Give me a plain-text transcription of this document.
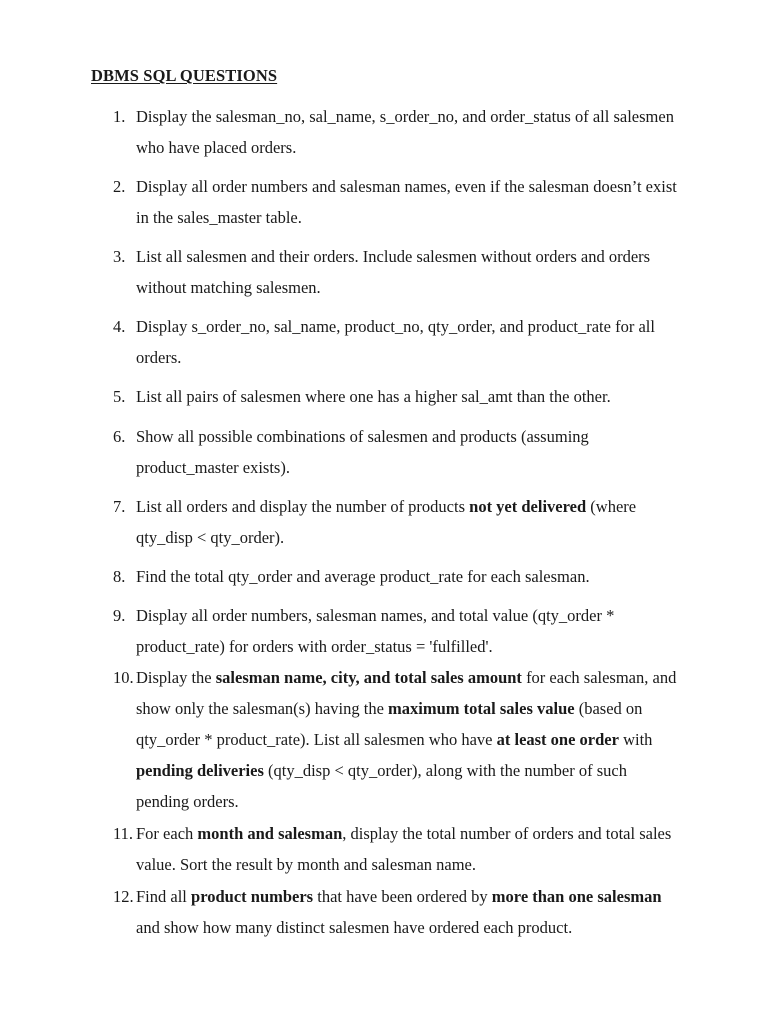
DBMS SQL QUESTIONS
1. Display the salesman_no, sal_name, s_order_no, and order_status of all salesmen who have placed orders.
2. Display all order numbers and salesman names, even if the salesman doesn’t exist in the sales_master table.
3. List all salesmen and their orders. Include salesmen without orders and orders without matching salesmen.
4. Display s_order_no, sal_name, product_no, qty_order, and product_rate for all orders.
5. List all pairs of salesmen where one has a higher sal_amt than the other.
6. Show all possible combinations of salesmen and products (assuming product_master exists).
7. List all orders and display the number of products not yet delivered (where qty_disp < qty_order).
8. Find the total qty_order and average product_rate for each salesman.
9. Display all order numbers, salesman names, and total value (qty_order * product_rate) for orders with order_status = 'fulfilled'.
10. Display the salesman name, city, and total sales amount for each salesman, and show only the salesman(s) having the maximum total sales value (based on qty_order * product_rate). List all salesmen who have at least one order with pending deliveries (qty_disp < qty_order), along with the number of such pending orders.
11. For each month and salesman, display the total number of orders and total sales value. Sort the result by month and salesman name.
12. Find all product numbers that have been ordered by more than one salesman and show how many distinct salesmen have ordered each product.
